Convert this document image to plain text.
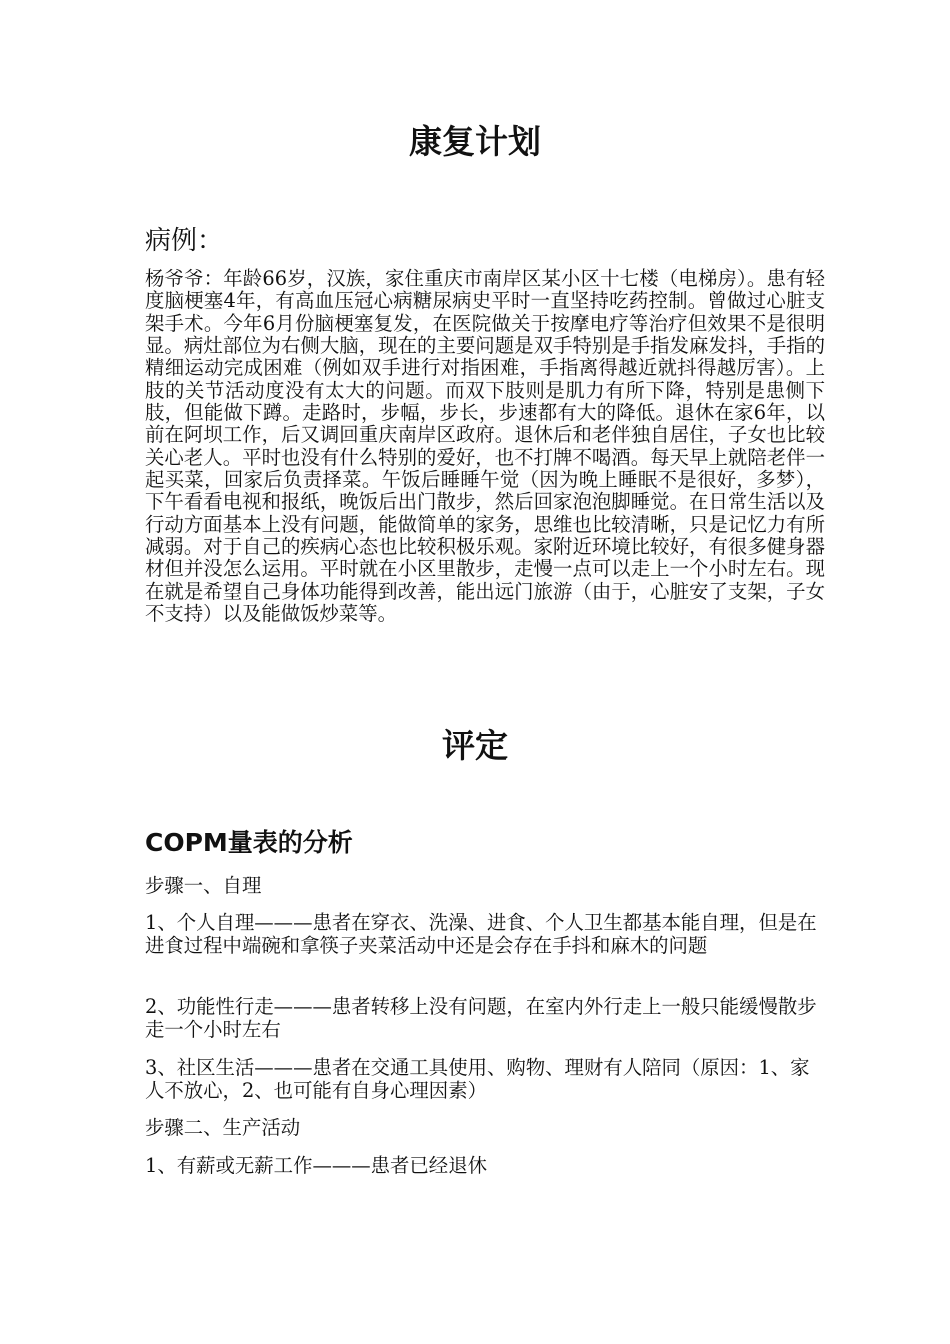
康复计划

病例：

杨爷爷：年龄66岁，汉族，家住重庆市南岸区某小区十七楼（电梯房）。患有轻度脑梗塞4年，有高血压冠心病糖尿病史平时一直坚持吃药控制。曾做过心脏支架手术。今年6月份脑梗塞复发，在医院做关于按摩电疗等治疗但效果不是很明显。病灶部位为右侧大脑，现在的主要问题是双手特别是手指发麻发抖，手指的精细运动完成困难（例如双手进行对指困难，手指离得越近就抖得越厉害）。上肢的关节活动度没有太大的问题。而双下肢则是肌力有所下降，特别是患侧下肢，但能做下蹲。走路时，步幅，步长，步速都有大的降低。退休在家6年，以前在阿坝工作，后又调回重庆南岸区政府。退休后和老伴独自居住，子女也比较关心老人。平时也没有什么特别的爱好，也不打牌不喝酒。每天早上就陪老伴一起买菜，回家后负责择菜。午饭后睡睡午觉（因为晚上睡眠不是很好，多梦），下午看看电视和报纸，晚饭后出门散步，然后回家泡泡脚睡觉。在日常生活以及行动方面基本上没有问题，能做简单的家务，思维也比较清晰，只是记忆力有所减弱。对于自己的疾病心态也比较积极乐观。家附近环境比较好，有很多健身器材但并没怎么运用。平时就在小区里散步，走慢一点可以走上一个小时左右。现在就是希望自己身体功能得到改善，能出远门旅游（由于，心脏安了支架，子女不支持）以及能做饭炒菜等。

评定
COPM量表的分析

步骤一、自理

1、个人自理———患者在穿衣、洗澡、进食、个人卫生都基本能自理，但是在进食过程中端碗和拿筷子夹菜活动中还是会存在手抖和麻木的问题

2、功能性行走———患者转移上没有问题，在室内外行走上一般只能缓慢散步走一个小时左右

3、社区生活———患者在交通工具使用、购物、理财有人陪同（原因：1、家人不放心，2、也可能有自身心理因素）

步骤二、生产活动

1、有薪或无薪工作———患者已经退休
